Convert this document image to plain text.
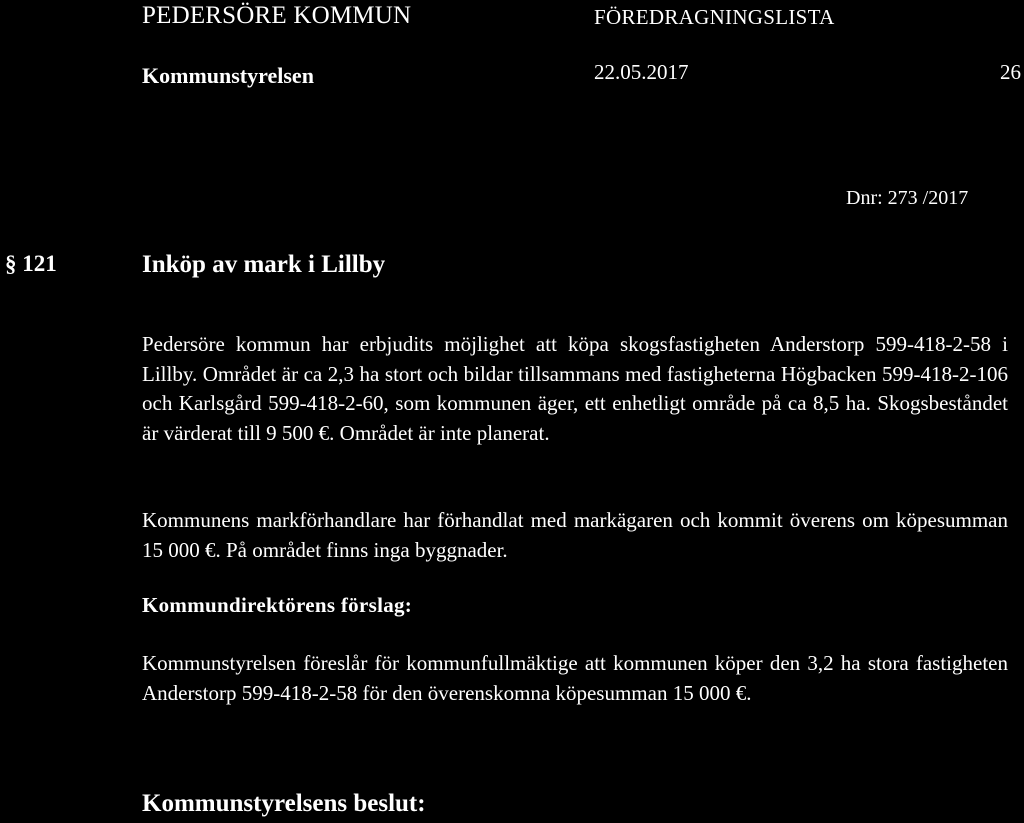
PEDERSÖRE KOMMUN	FÖREDRAGNINGSLISTA
Kommunstyrelsen	22.05.2017	26
Dnr: 273 /2017
§ 121	Inköp av mark i Lillby

Pedersöre kommun har erbjudits möjlighet att köpa skogsfastigheten Anderstorp 599-418-2-58 i Lillby. Området är ca 2,3 ha stort och bildar tillsammans med fastigheterna Högbacken 599-418-2-106 och Karlsgård 599-418-2-60, som kommunen äger, ett enhetligt område på ca 8,5 ha. Skogsbeståndet är värderat till 9 500 €. Området är inte planerat.

Kommunens markförhandlare har förhandlat med markägaren och kommit överens om köpesumman 15 000 €. På området finns inga byggnader.

Kommundirektörens förslag:

Kommunstyrelsen föreslår för kommunfullmäktige att kommunen köper den 3,2 ha stora fastigheten Anderstorp 599-418-2-58 för den överenskomna köpesumman 15 000 €.

Kommunstyrelsens beslut:
